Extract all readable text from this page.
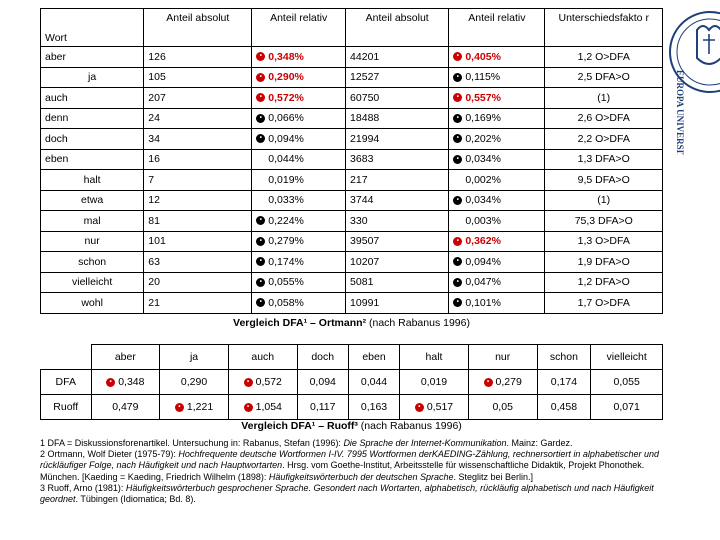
Wort	Anteil absolut	Anteil relativ	Anteil absolut	Anteil relativ	Unterschiedsfakto r
aber	126	• 0,348%	44201	• 0,405%	1,2 O>DFA
ja	105	• 0,290%	12527	• 0,115%	2,5 DFA>O
auch	207	• 0,572%	60750	• 0,557%	(1)
denn	24	• 0,066%	18488	• 0,169%	2,6 O>DFA
doch	34	• 0,094%	21994	• 0,202%	2,2 O>DFA
eben	16	0,044%	3683	• 0,034%	1,3 DFA>O
halt	7	0,019%	217	0,002%	9,5 DFA>O
etwa	12	0,033%	3744	• 0,034%	(1)
mal	81	• 0,224%	330	0,003%	75,3 DFA>O
nur	101	• 0,279%	39507	• 0,362%	1,3 O>DFA
schon	63	• 0,174%	10207	• 0,094%	1,9 DFA>O
vielleicht	20	• 0,055%	5081	• 0,047%	1,2 DFA>O
wohl	21	• 0,058%	10991	• 0,101%	1,7 O>DFA
Vergleich DFA¹ – Ortmann² (nach Rabanus 1996)
	aber	ja	auch	doch	eben	halt	nur	schon	vielleicht
DFA	• 0,348	0,290	• 0,572	0,094	0,044	0,019	• 0,279	0,174	0,055
Ruoff	0,479	• 1,221	• 1,054	0,117	0,163	• 0,517	0,05	0,458	0,071
Vergleich DFA¹ – Ruoff³ (nach Rabanus 1996)

1 DFA = Diskussionsforenartikel. Untersuchung in: Rabanus, Stefan (1996): Die Sprache der Internet-Kommunikation. Mainz: Gardez.

2 Ortmann, Wolf Dieter (1975-79): Hochfrequente deutsche Wortformen I-IV. 7995 Wortformen derKAEDING-Zählung, rechnersortiert in alphabetischer und rückläufiger Folge, nach Häufigkeit und nach Hauptwortarten. Hrsg. vom Goethe-Institut, Arbeitsstelle für wissenschaftliche Didaktik, Projekt Phonothek. München. [Kaeding = Kaeding, Friedrich Wilhelm (1898): Häufigkeitswörterbuch der deutschen Sprache. Steglitz bei Berlin.]

3 Ruoff, Arno (1981): Häufigkeitswörterbuch gesprochener Sprache. Gesondert nach Wortarten, alphabetisch, rückläufig alphabetisch und nach Häufigkeit geordnet. Tübingen (Idiomatica; Bd. 8).

EUROPA UNIVERSITÄT VIADRINA
